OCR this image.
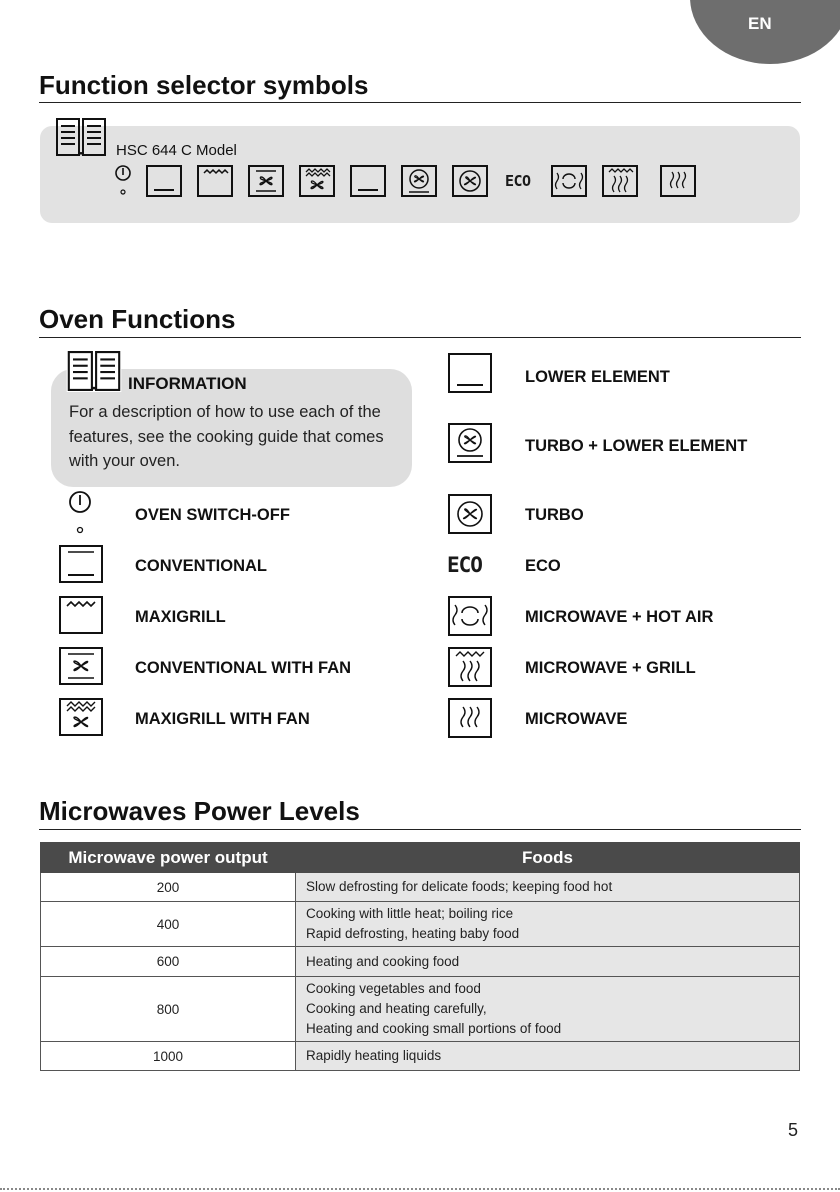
EN
Function selector symbols
HSC 644 C Model
ECO
Oven Functions
INFORMATION
For a description of how to use each of the features, see the cooking guide that comes with your oven.
OVEN SWITCH-OFF
CONVENTIONAL
MAXIGRILL
CONVENTIONAL WITH FAN
MAXIGRILL WITH FAN
LOWER ELEMENT
TURBO + LOWER ELEMENT
TURBO
ECO	ECO
MICROWAVE + HOT AIR
MICROWAVE + GRILL
MICROWAVE
Microwaves Power Levels
Microwave power output	Foods
200	Slow defrosting for delicate foods; keeping food hot

400	Cooking with little heat; boiling rice
Rapid defrosting, heating baby food

600	Heating and cooking food

800	Cooking vegetables and food
Cooking and heating carefully,
Heating and cooking small portions of food

1000	Rapidly heating liquids
5
